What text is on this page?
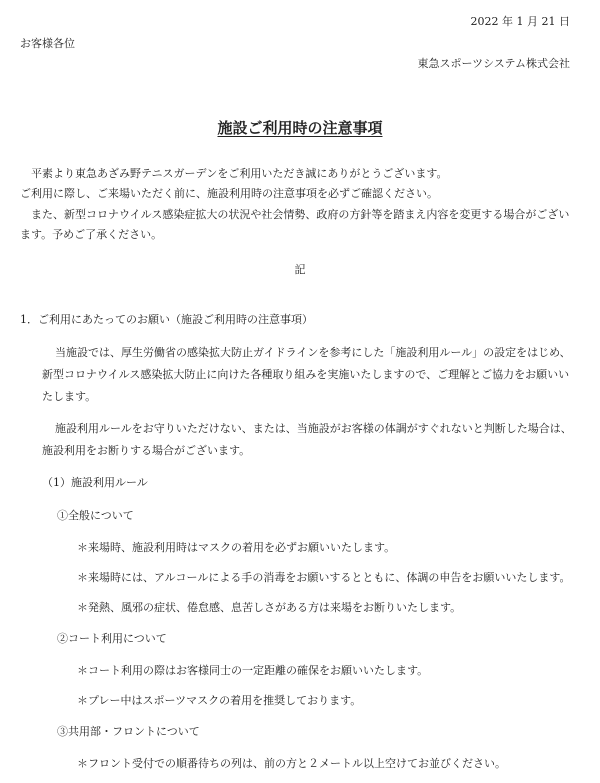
2022 年 1 月 21 日
お客様各位
東急スポーツシステム株式会社
施設ご利用時の注意事項
平素より東急あざみ野テニスガーデンをご利用いただき誠にありがとうございます。
ご利用に際し、ご来場いただく前に、施設利用時の注意事項を必ずご確認ください。
また、新型コロナウイルス感染症拡大の状況や社会情勢、政府の方針等を踏まえ内容を変更する場合がござい
ます。予めご了承ください。
記
1．ご利用にあたってのお願い（施設ご利用時の注意事項）
当施設では、厚生労働省の感染拡大防止ガイドラインを参考にした「施設利用ルール」の設定をはじめ、
新型コロナウイルス感染拡大防止に向けた各種取り組みを実施いたしますので、ご理解とご協力をお願いい
たします。
施設利用ルールをお守りいただけない、または、当施設がお客様の体調がすぐれないと判断した場合は、
施設利用をお断りする場合がございます。
（1）施設利用ルール
①全般について
＊来場時、施設利用時はマスクの着用を必ずお願いいたします。
＊来場時には、アルコールによる手の消毒をお願いするとともに、体調の申告をお願いいたします。
＊発熱、風邪の症状、倦怠感、息苦しさがある方は来場をお断りいたします。
②コート利用について
＊コート利用の際はお客様同士の一定距離の確保をお願いいたします。
＊プレー中はスポーツマスクの着用を推奨しております。
③共用部・フロントについて
＊フロント受付での順番待ちの列は、前の方と２メートル以上空けてお並びください。
